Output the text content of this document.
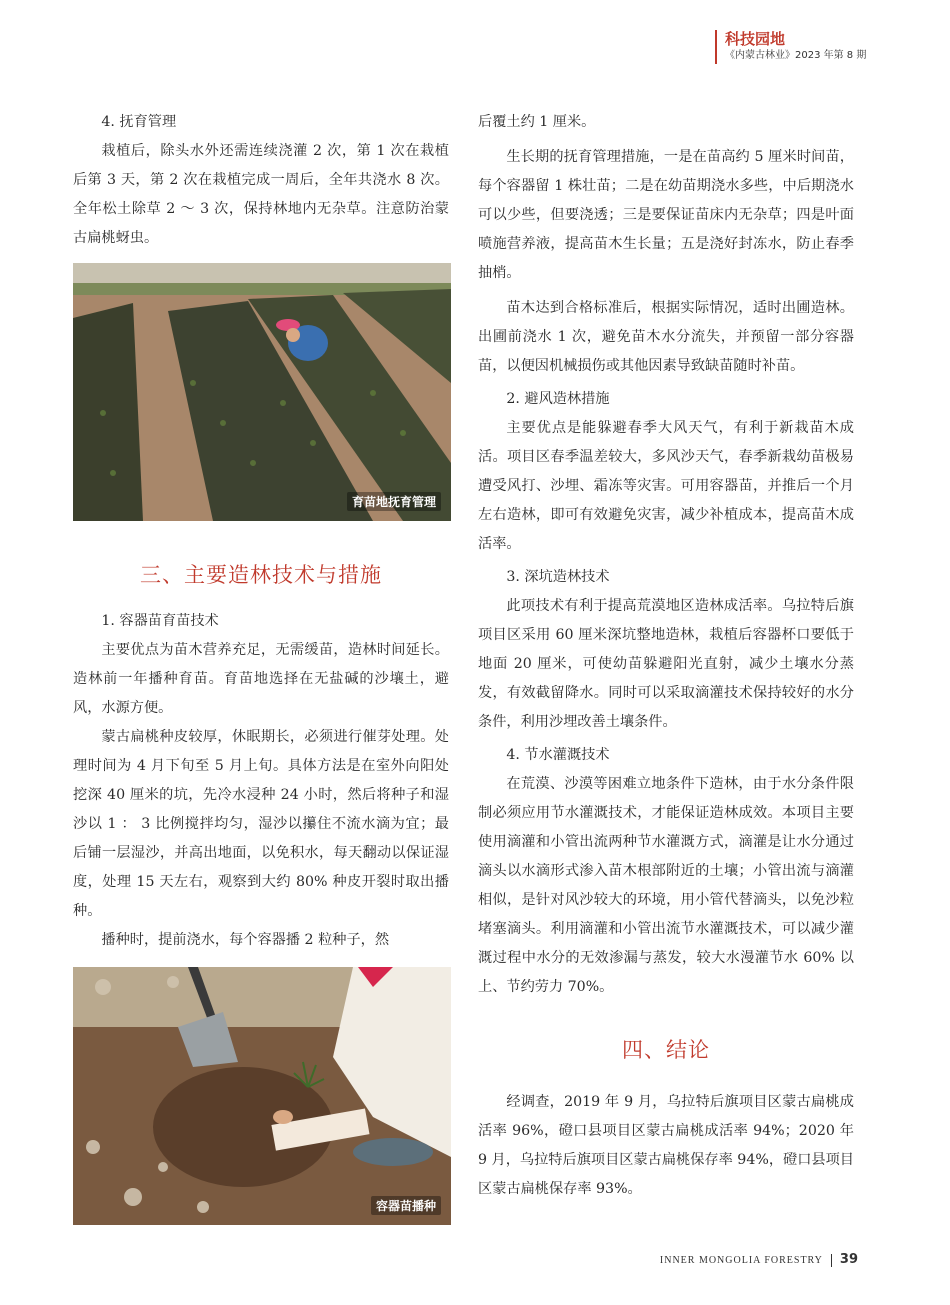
科技园地
《内蒙古林业》2023 年第 8 期
4. 抚育管理

栽植后，除头水外还需连续浇灌 2 次，第 1 次在栽植后第 3 天，第 2 次在栽植完成一周后，全年共浇水 8 次。全年松土除草 2 ～ 3 次，保持林地内无杂草。注意防治蒙古扁桃蚜虫。

育苗地抚育管理
三、主要造林技术与措施
1. 容器苗育苗技术

主要优点为苗木营养充足，无需缓苗，造林时间延长。造林前一年播种育苗。育苗地选择在无盐碱的沙壤土，避风，水源方便。

蒙古扁桃种皮较厚，休眠期长，必须进行催芽处理。处理时间为 4 月下旬至 5 月上旬。具体方法是在室外向阳处挖深 40 厘米的坑，先冷水浸种 24 小时，然后将种子和湿沙以 1 ： 3 比例搅拌均匀，湿沙以攥住不流水滴为宜；最后铺一层湿沙，并高出地面，以免积水，每天翻动以保证湿度，处理 15 天左右，观察到大约 80% 种皮开裂时取出播种。

播种时，提前浇水，每个容器播 2 粒种子，然

容器苗播种

后覆土约 1 厘米。

生长期的抚育管理措施，一是在苗高约 5 厘米时间苗，每个容器留 1 株壮苗；二是在幼苗期浇水多些，中后期浇水可以少些，但要浇透；三是要保证苗床内无杂草；四是叶面喷施营养液，提高苗木生长量；五是浇好封冻水，防止春季抽梢。

苗木达到合格标准后，根据实际情况，适时出圃造林。出圃前浇水 1 次，避免苗木水分流失，并预留一部分容器苗，以便因机械损伤或其他因素导致缺苗随时补苗。

2. 避风造林措施

主要优点是能躲避春季大风天气，有利于新栽苗木成活。项目区春季温差较大，多风沙天气，春季新栽幼苗极易遭受风打、沙埋、霜冻等灾害。可用容器苗，并推后一个月左右造林，即可有效避免灾害，减少补植成本，提高苗木成活率。

3. 深坑造林技术

此项技术有利于提高荒漠地区造林成活率。乌拉特后旗项目区采用 60 厘米深坑整地造林，栽植后容器杯口要低于地面 20 厘米，可使幼苗躲避阳光直射，减少土壤水分蒸发，有效截留降水。同时可以采取滴灌技术保持较好的水分条件，利用沙埋改善土壤条件。

4. 节水灌溉技术

在荒漠、沙漠等困难立地条件下造林，由于水分条件限制必须应用节水灌溉技术，才能保证造林成效。本项目主要使用滴灌和小管出流两种节水灌溉方式，滴灌是让水分通过滴头以水滴形式渗入苗木根部附近的土壤；小管出流与滴灌相似，是针对风沙较大的环境，用小管代替滴头，以免沙粒堵塞滴头。利用滴灌和小管出流节水灌溉技术，可以减少灌溉过程中水分的无效渗漏与蒸发，较大水漫灌节水 60% 以上、节约劳力 70%。

四、结论

经调查，2019 年 9 月，乌拉特后旗项目区蒙古扁桃成活率 96%，磴口县项目区蒙古扁桃成活率 94%；2020 年 9 月，乌拉特后旗项目区蒙古扁桃保存率 94%，磴口县项目区蒙古扁桃保存率 93%。

INNER MONGOLIA FORESTRY 39
